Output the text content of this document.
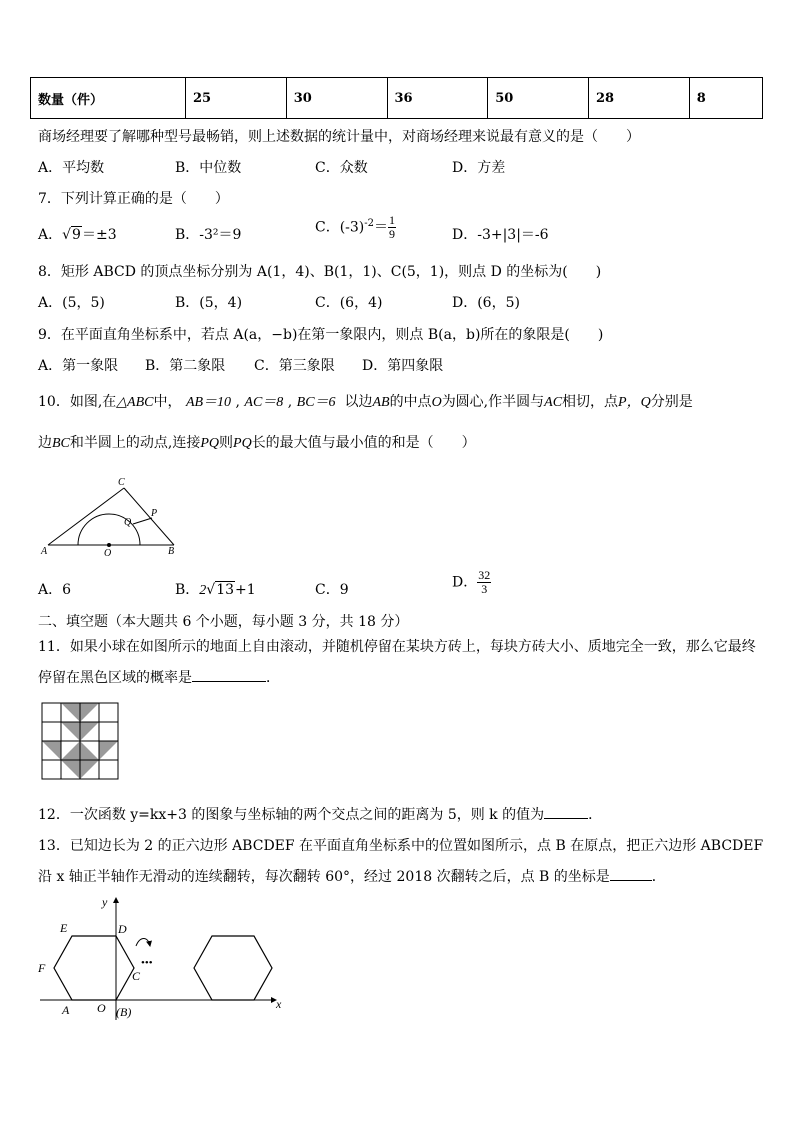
数量（件）	25	30	36	50	28	8
商场经理要了解哪种型号最畅销，则上述数据的统计量中，对商场经理来说最有意义的是（　　）
A．平均数	B．中位数	C．众数	D．方差
7．下列计算正确的是（　　）
A．√9＝±3	B．-3²＝9	C．$(-3)^{-2}= \frac{1}{9}$	D．-3+|3|＝-6
8．矩形 ABCD 的顶点坐标分别为 A(1，4)、B(1，1)、C(5，1)，则点 D 的坐标为(　　)
A．(5，5)	B．(5，4)	C．(6，4)	D．(6，5)
9．在平面直角坐标系中，若点 A(a，−b)在第一象限内，则点 B(a，b)所在的象限是(　　)
A．第一象限 B．第二象限 C．第三象限 D．第四象限
10．如图,在△ABC中， AB＝10 , AC＝8 , BC＝6 以边AB的中点O为圆心,作半圆与AC相切，点P，Q分别是
边BC和半圆上的动点,连接PQ则PQ长的最大值与最小值的和是（　　）
A	B
C
O
P
Q
A．6	B．2√13+1	C．9	D． $\frac{32}{3}$
二、填空题（本大题共 6 个小题，每小题 3 分，共 18 分）
11．如果小球在如图所示的地面上自由滚动，并随机停留在某块方砖上，每块方砖大小、质地完全一致，那么它最终
停留在黑色区域的概率是	．
12．一次函数 y=kx+3 的图象与坐标轴的两个交点之间的距离为 5，则 k 的值为	．
13．已知边长为 2 的正六边形 ABCDEF 在平面直角坐标系中的位置如图所示，点 B 在原点，把正六边形 ABCDEF
沿 x 轴正半轴作无滑动的连续翻转，每次翻转 60°，经过 2018 次翻转之后，点 B 的坐标是	．
•••
y
x
E	D
F
C
A O (B)
